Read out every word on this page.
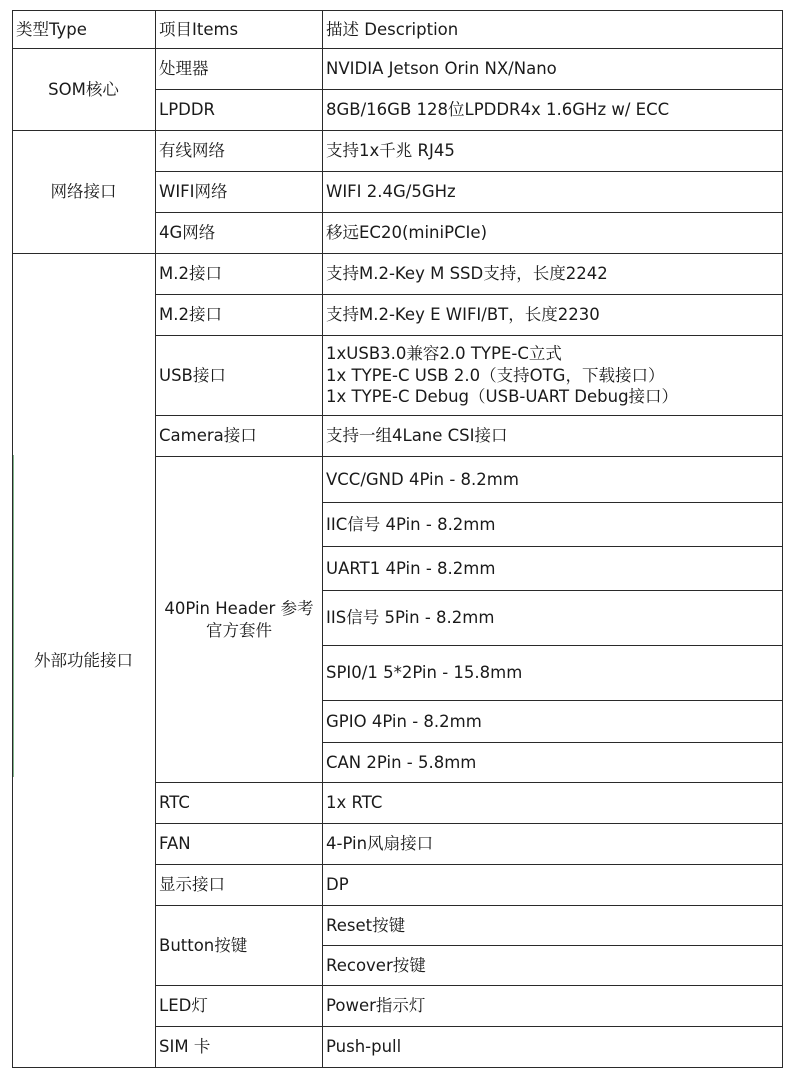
类型Type	项目Items	描述 Description
SOM核心	处理器	NVIDIA Jetson Orin NX/Nano
	LPDDR	8GB/16GB 128位LPDDR4x 1.6GHz w/ ECC
网络接口	有线网络	支持1x千兆 RJ45
	WIFI网络	WIFI 2.4G/5GHz
	4G网络	移远EC20(miniPCIe)
外部功能接口	M.2接口	支持M.2-Key M SSD支持，长度2242
	M.2接口	支持M.2-Key E WIFI/BT，长度2230
	USB接口	1xUSB3.0兼容2.0 TYPE-C立式
1x TYPE-C USB 2.0（支持OTG，下载接口）
1x TYPE-C Debug（USB-UART Debug接口）

	Camera接口	支持一组4Lane CSI接口
	40Pin Header 参考官方套件	VCC/GND 4Pin - 8.2mm
		IIC信号 4Pin - 8.2mm
		UART1 4Pin - 8.2mm
		IIS信号 5Pin - 8.2mm
		SPI0/1 5*2Pin - 15.8mm
		GPIO 4Pin - 8.2mm
		CAN 2Pin - 5.8mm
	RTC	1x RTC
	FAN	4-Pin风扇接口
	显示接口	DP
	Button按键	Reset按键
		Recover按键
	LED灯	Power指示灯
	SIM 卡	Push-pull
